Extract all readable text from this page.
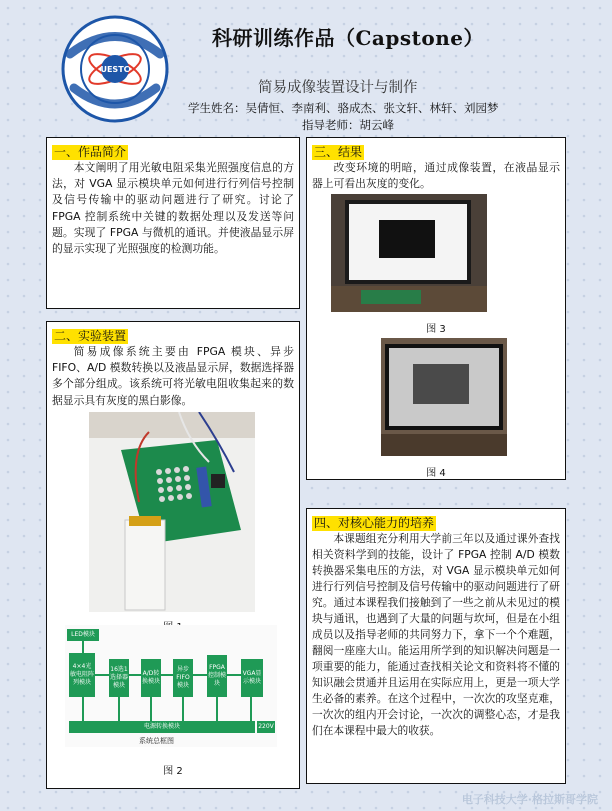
UESTC
科研训练作品（Capstone）
简易成像装置设计与制作
学生姓名：吴倩恒、李南利、骆成杰、张文轩、林轩、刘园梦
指导老师：胡云峰
一、作品简介

本文阐明了用光敏电阻采集光照强度信息的方法，对 VGA 显示模块单元如何进行行列信号控制及信号传输中的驱动问题进行了研究。讨论了 FPGA 控制系统中关键的数据处理以及发送等问题。实现了 FPGA 与微机的通讯。并使液晶显示屏的显示实现了光照强度的检测功能。

二、实验装置

简易成像系统主要由 FPGA 模块、异步 FIFO、A/D 模数转换以及液晶显示屏，数据选择器多个部分组成。该系统可将光敏电阻收集起来的数据显示具有灰度的黑白影像。

LED模块
4×4光敏电阻阵列模块
16选1选择器模块
A/D转换模块
异步FIFO模块
FPGA控制模块
VGA显示模块
电源转换模块	220V
系统总框图
图 2
三、结果

改变环境的明暗，通过成像装置，在液晶显示器上可看出灰度的变化。

图 3
图 4
四、对核心能力的培养

本课题组充分利用大学前三年以及通过课外查找相关资料学到的技能，设计了 FPGA 控制 A/D 模数转换器采集电压的方法，对 VGA 显示模块单元如何进行行列信号控制及信号传输中的驱动问题进行了研究。通过本课程我们接触到了一些之前从未见过的模块与通讯，也遇到了大量的问题与坎坷，但是在小组成员以及指导老师的共同努力下，拿下一个个难题，翻阅一座座大山。能运用所学到的知识解决问题是一项重要的能力，能通过查找相关论文和资料将不懂的知识融会贯通并且运用在实际应用上，更是一项大学生必备的素养。在这个过程中，一次次的攻坚克难，一次次的组内开会讨论，一次次的调整心态，才是我们在本课程中最大的收获。

电子科技大学·格拉斯哥学院
